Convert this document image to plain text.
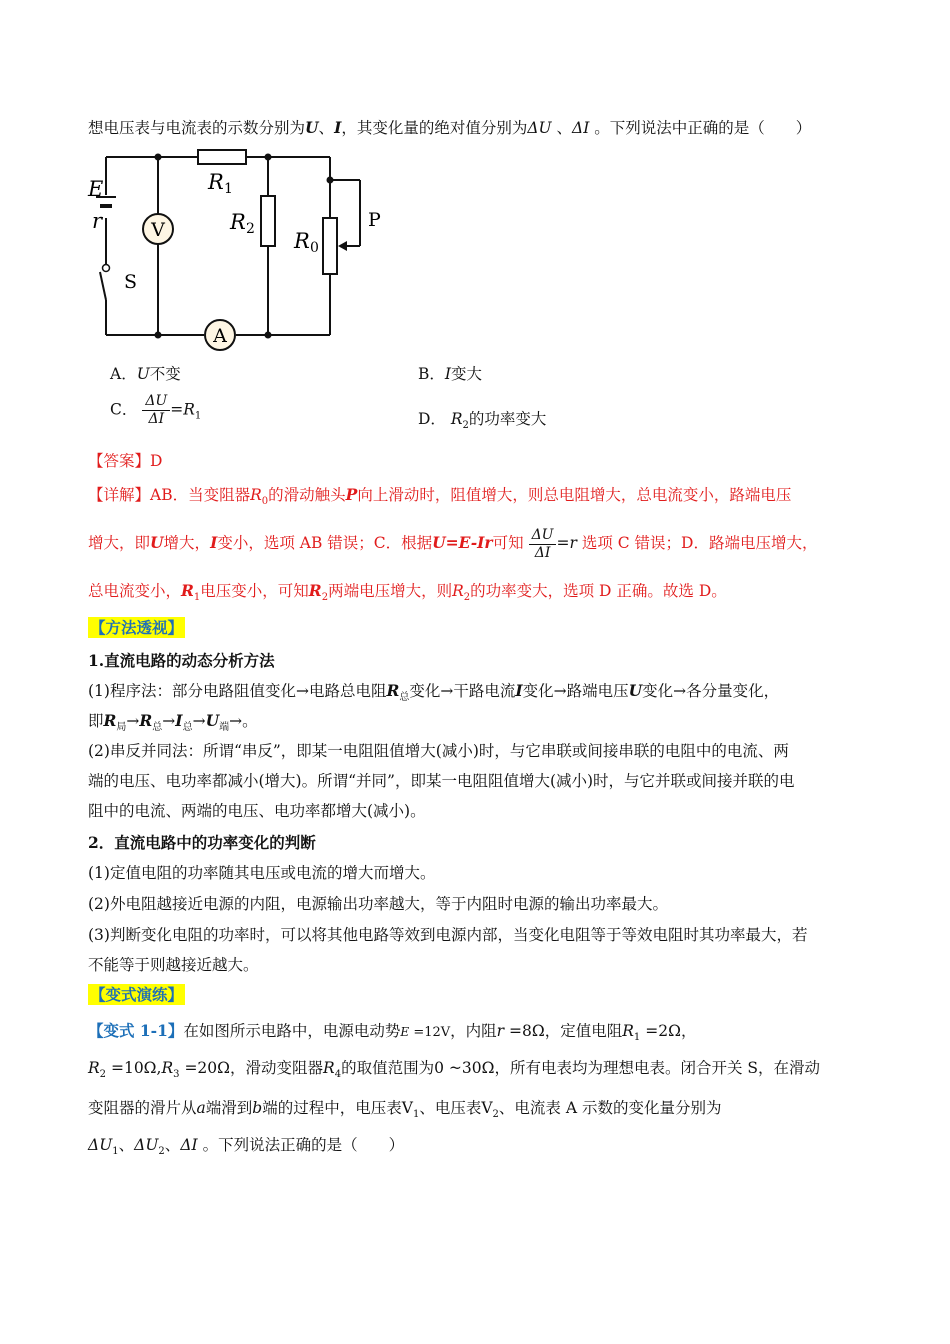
想电压表与电流表的示数分别为U、I，其变化量的绝对值分别为ΔU 、ΔI 。下列说法中正确的是（　　）
V
A
E
r
S
R 1
R 2 R 0
P
A．U不变	B．I变大
C． $\frac{\Delta U}{\Delta I} =R_1$	D． $R_2$的功率变大
【答案】D
【详解】AB．当变阻器$R_0$的滑动触头P向上滑动时，阻值增大，则总电阻增大，总电流变小，路端电压
增大，即U增大，I变小，选项 AB 错误；C．根据U=E-Ir可知 $\frac{\Delta U}{\Delta I} =r$ 选项 C 错误；D．路端电压增大，
总电流变小，$R_1$电压变小，可知$R_2$两端电压增大，则$R_2$的功率变大，选项 D 正确。故选 D。
【方法透视】
1.直流电路的动态分析方法
(1)程序法：部分电路阻值变化→电路总电阻$R_总$变化→干路电流I变化→路端电压U变化→各分量变化，
即$R_局\to R_总\to I_总\to U_端\to$。
(2)串反并同法：所谓“串反”，即某一电阻阻值增大(减小)时，与它串联或间接串联的电阻中的电流、两
端的电压、电功率都减小(增大)。所谓“并同”，即某一电阻阻值增大(减小)时，与它并联或间接并联的电
阻中的电流、两端的电压、电功率都增大(减小)。
2．直流电路中的功率变化的判断
(1)定值电阻的功率随其电压或电流的增大而增大。
(2)外电阻越接近电源的内阻，电源输出功率越大，等于内阻时电源的输出功率最大。
(3)判断变化电阻的功率时，可以将其他电路等效到电源内部，当变化电阻等于等效电阻时其功率最大，若
不能等于则越接近越大。
【变式演练】
【变式 1-1】在如图所示电路中，电源电动势E =12V，内阻r =8Ω，定值电阻$R_1 =2\Omega$，
$R_2 =10\Omega,R_3 =20\Omega$，滑动变阻器$R_4$的取值范围为0 ~30Ω，所有电表均为理想电表。闭合开关 S，在滑动
变阻器的滑片从a端滑到b端的过程中，电压表$V_1$、电压表$V_2$、电流表 A 示数的变化量分别为
$\Delta U_1$、$\Delta U_2$、ΔI 。下列说法正确的是（　　）
